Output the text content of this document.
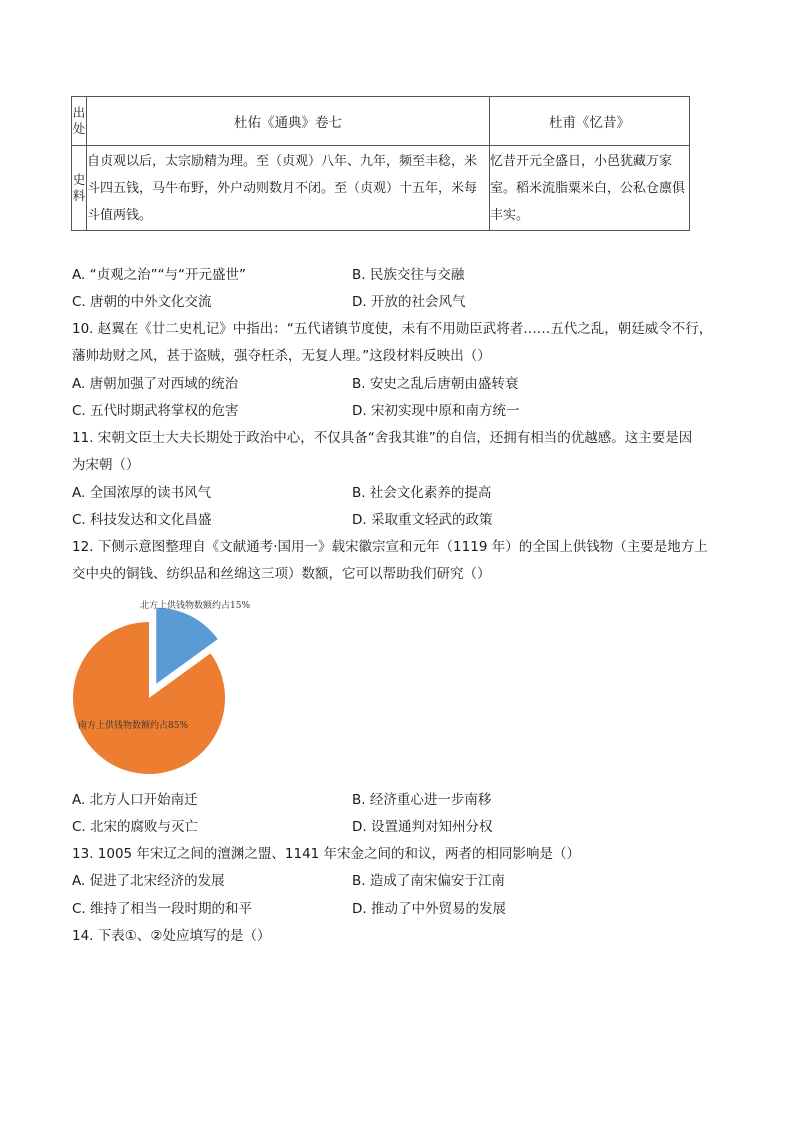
出处	杜佑《通典》卷七	杜甫《忆昔》

史料	自贞观以后，太宗励精为理。至（贞观）八年、九年，频至丰稔，米斗四五钱，马牛布野，外户动则数月不闭。至（贞观）十五年，米每斗值两钱。	忆昔开元全盛日，小邑犹藏万家室。稻米流脂粟米白，公私仓廪俱丰实。
A. “贞观之治”“与“开元盛世”	B. 民族交往与交融
C. 唐朝的中外文化交流	D. 开放的社会风气
10. 赵翼在《廿二史札记》中指出：“五代诸镇节度使，未有不用勋臣武将者……五代之乱，朝廷威令不行，
藩帅劫财之风，甚于盗贼，强夺枉杀，无复人理。”这段材料反映出（）
A. 唐朝加强了对西域的统治	B. 安史之乱后唐朝由盛转衰
C. 五代时期武将掌权的危害	D. 宋初实现中原和南方统一
11. 宋朝文臣士大夫长期处于政治中心，不仅具备“舍我其谁”的自信，还拥有相当的优越感。这主要是因
为宋朝（）
A. 全国浓厚的读书风气	B. 社会文化素养的提高
C. 科技发达和文化昌盛	D. 采取重文轻武的政策
12. 下侧示意图整理自《文献通考·国用一》载宋徽宗宣和元年（1119 年）的全国上供钱物（主要是地方上
交中央的铜钱、纺织品和丝绵这三项）数额，它可以帮助我们研究（）
北方上供钱物数额约占15%
南方上供钱物数额约占85%
A. 北方人口开始南迁	B. 经济重心进一步南移
C. 北宋的腐败与灭亡	D. 设置通判对知州分权
13. 1005 年宋辽之间的澶渊之盟、1141 年宋金之间的和议，两者的相同影响是（）
A. 促进了北宋经济的发展	B. 造成了南宋偏安于江南
C. 维持了相当一段时期的和平	D. 推动了中外贸易的发展
14. 下表①、②处应填写的是（）
